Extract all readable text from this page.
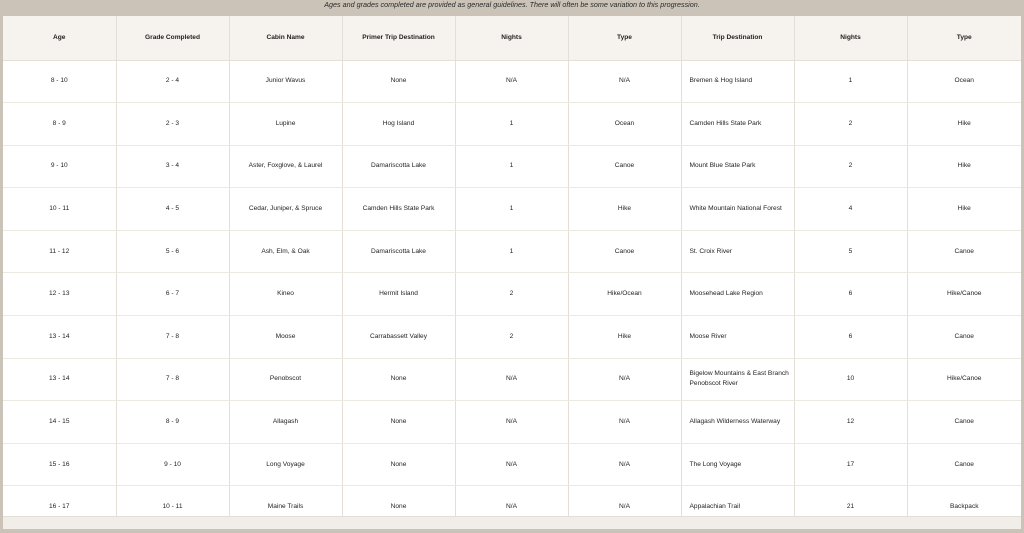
Ages and grades completed are provided as general guidelines. There will often be some variation to this progression.
Age	Grade Completed	Cabin Name	Primer Trip Destination	Nights	Type	Trip Destination	Nights	Type
8 - 10	2 - 4	Junior Wavus	None	N/A	N/A	Bremen & Hog Island	1	Ocean
8 - 9	2 - 3	Lupine	Hog Island	1	Ocean	Camden Hills State Park	2	Hike
9 - 10	3 - 4	Aster, Foxglove, & Laurel	Damariscotta Lake	1	Canoe	Mount Blue State Park	2	Hike
10 - 11	4 - 5	Cedar, Juniper, & Spruce	Camden Hills State Park	1	Hike	White Mountain National Forest	4	Hike
11 - 12	5 - 6	Ash, Elm, & Oak	Damariscotta Lake	1	Canoe	St. Croix River	5	Canoe
12 - 13	6 - 7	Kineo	Hermit Island	2	Hike/Ocean	Moosehead Lake Region	6	Hike/Canoe
13 - 14	7 - 8	Moose	Carrabassett Valley	2	Hike	Moose River	6	Canoe
13 - 14	7 - 8	Penobscot	None	N/A	N/A	Bigelow Mountains & East Branch Penobscot River	10	Hike/Canoe
14 - 15	8 - 9	Allagash	None	N/A	N/A	Allagash Wilderness Waterway	12	Canoe
15 - 16	9 - 10	Long Voyage	None	N/A	N/A	The Long Voyage	17	Canoe
16 - 17	10 - 11	Maine Trails	None	N/A	N/A	Appalachian Trail	21	Backpack
